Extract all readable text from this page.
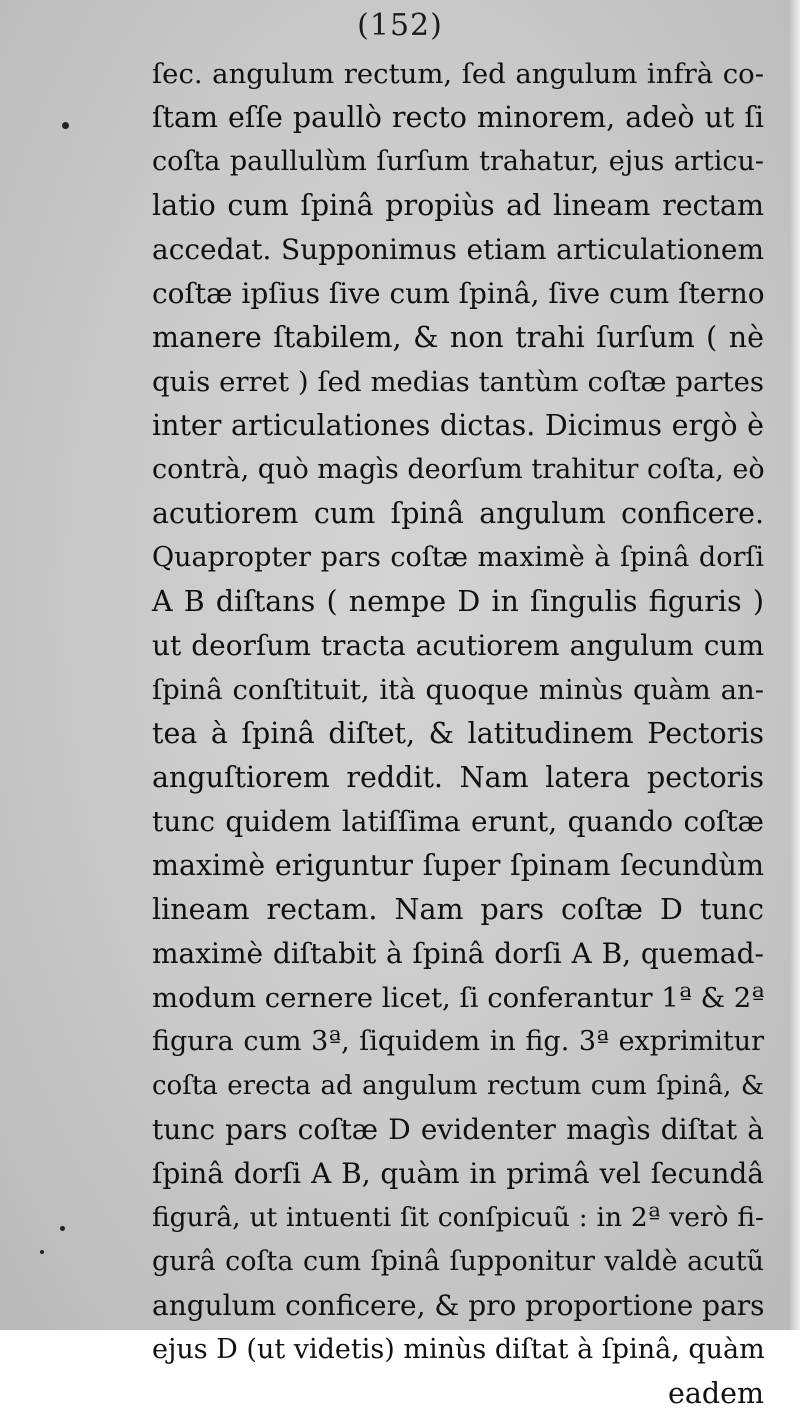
(152)
ſec. angulum rectum, ſed angulum infrà co-
ſtam eſſe paullò recto minorem, adeò ut ſi
coſta paullulùm ſurſum trahatur, ejus articu-
latio cum ſpinâ propiùs ad lineam rectam
accedat. Supponimus etiam articulationem
coſtæ ipſius ſive cum ſpinâ, ſive cum ſterno
manere ſtabilem, & non trahi ſurſum ( nè
quis erret ) ſed medias tantùm coſtæ partes
inter articulationes dictas. Dicimus ergò è
contrà, quò magìs deorſum trahitur coſta, eò
acutiorem cum ſpinâ angulum conficere.
Quapropter pars coſtæ maximè à ſpinâ dorſi
A B diſtans ( nempe D in ſingulis figuris )
ut deorſum tracta acutiorem angulum cum
ſpinâ conſtituit, ità quoque minùs quàm an-
tea à ſpinâ diſtet, & latitudinem Pectoris
anguſtiorem reddit. Nam latera pectoris
tunc quidem latiſſima erunt, quando coſtæ
maximè eriguntur ſuper ſpinam ſecundùm
lineam rectam. Nam pars coſtæ D tunc
maximè diſtabit à ſpinâ dorſi A B, quemad-
modum cernere licet, ſi conferantur 1ª & 2ª
figura cum 3ª, ſiquidem in fig. 3ª exprimitur
coſta erecta ad angulum rectum cum ſpinâ, &
tunc pars coſtæ D evidenter magìs diſtat à
ſpinâ dorſi A B, quàm in primâ vel ſecundâ
figurâ, ut intuenti ſit conſpicuũ : in 2ª verò fi-
gurâ coſta cum ſpinâ ſupponitur valdè acutũ
angulum conficere, & pro proportione pars
ejus D (ut videtis) minùs diſtat à ſpinâ, quàm
eadem
